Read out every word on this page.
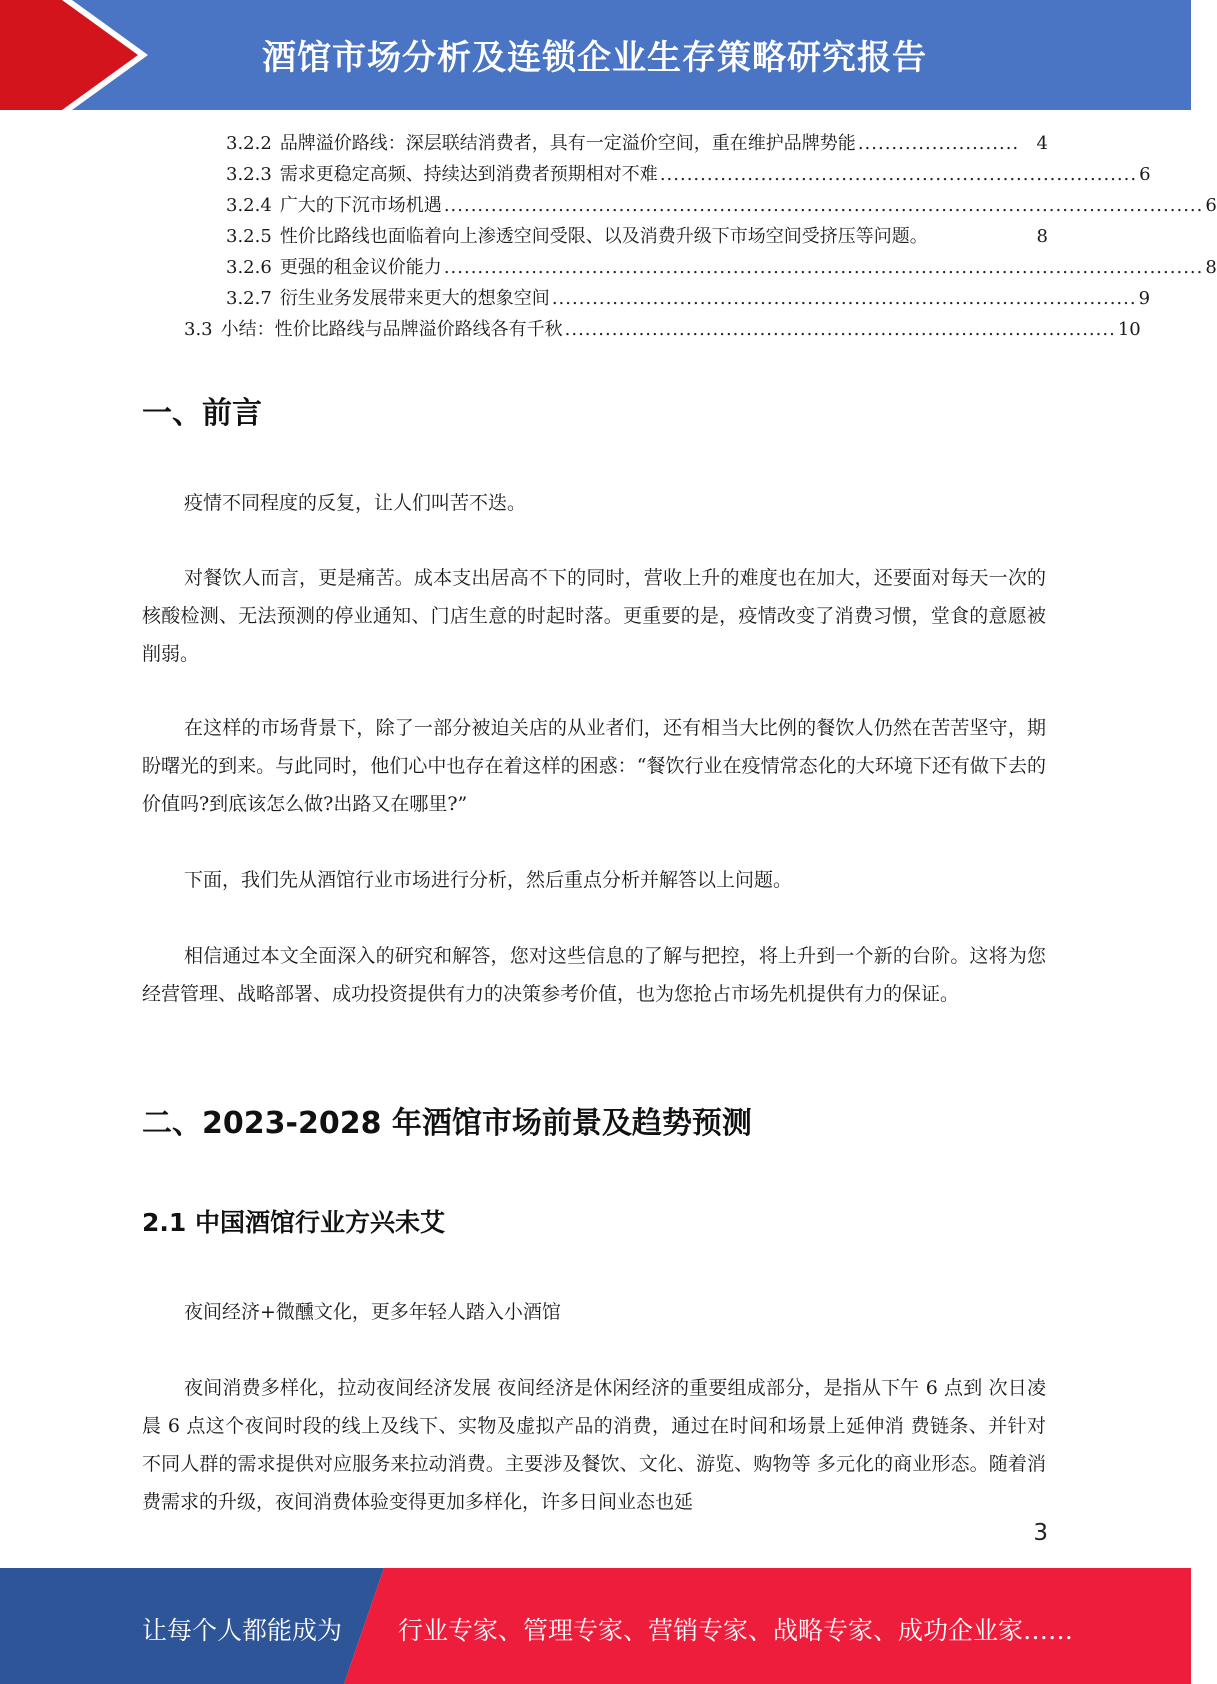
酒馆市场分析及连锁企业生存策略研究报告
3.2.2 品牌溢价路线：深层联结消费者，具有一定溢价空间，重在维护品牌势能 ........................ 4
3.2.3 需求更稳定高频、持续达到消费者预期相对不难 ....................................................................... 6
3.2.4 广大的下沉市场机遇 ................................................................................................................. 6
3.2.5 性价比路线也面临着向上渗透空间受限、以及消费升级下市场空间受挤压等问题。	8
3.2.6 更强的租金议价能力 ................................................................................................................. 8
3.2.7 衍生业务发展带来更大的想象空间 ....................................................................................... 9
3.3 小结：性价比路线与品牌溢价路线各有千秋 .................................................................................. 10
一、前言
疫情不同程度的反复，让人们叫苦不迭。
对餐饮人而言，更是痛苦。成本支出居高不下的同时，营收上升的难度也在加大，还要面对每天一次的核酸检测、无法预测的停业通知、门店生意的时起时落。更重要的是，疫情改变了消费习惯，堂食的意愿被削弱。
在这样的市场背景下，除了一部分被迫关店的从业者们，还有相当大比例的餐饮人仍然在苦苦坚守，期盼曙光的到来。与此同时，他们心中也存在着这样的困惑：“餐饮行业在疫情常态化的大环境下还有做下去的价值吗?到底该怎么做?出路又在哪里?”
下面，我们先从酒馆行业市场进行分析，然后重点分析并解答以上问题。
相信通过本文全面深入的研究和解答，您对这些信息的了解与把控，将上升到一个新的台阶。这将为您经营管理、战略部署、成功投资提供有力的决策参考价值，也为您抢占市场先机提供有力的保证。
二、2023-2028 年酒馆市场前景及趋势预测
2.1 中国酒馆行业方兴未艾
夜间经济+微醺文化，更多年轻人踏入小酒馆
夜间消费多样化，拉动夜间经济发展 夜间经济是休闲经济的重要组成部分，是指从下午 6 点到 次日凌晨 6 点这个夜间时段的线上及线下、实物及虚拟产品的消费，通过在时间和场景上延伸消 费链条、并针对不同人群的需求提供对应服务来拉动消费。主要涉及餐饮、文化、游览、购物等 多元化的商业形态。随着消费需求的升级，夜间消费体验变得更加多样化，许多日间业态也延
3
让每个人都能成为 行业专家、管理专家、营销专家、战略专家、成功企业家……
